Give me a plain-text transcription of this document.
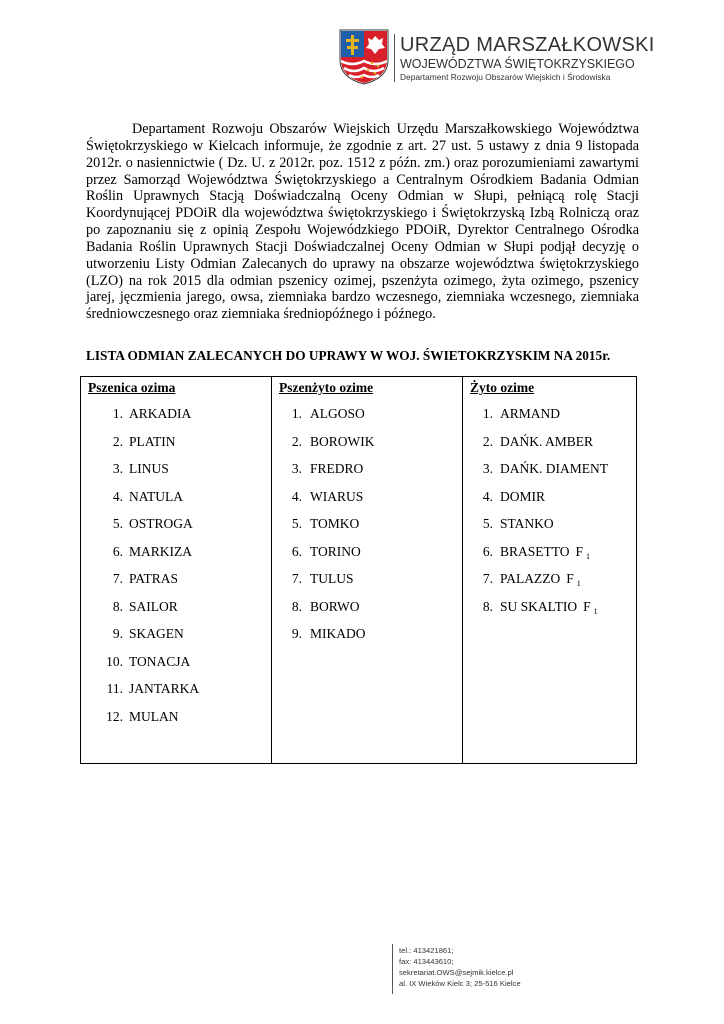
URZĄD MARSZAŁKOWSKI
WOJEWÓDZTWA ŚWIĘTOKRZYSKIEGO
Departament Rozwoju Obszarów Wiejskich i Środowiska

Departament Rozwoju Obszarów Wiejskich Urzędu Marszałkowskiego Województwa Świętokrzyskiego w Kielcach informuje, że zgodnie z art. 27 ust. 5 ustawy z dnia 9 listopada 2012r. o nasiennictwie ( Dz. U. z 2012r. poz. 1512 z późn. zm.) oraz porozumieniami zawartymi przez Samorząd Województwa Świętokrzyskiego a Centralnym Ośrodkiem Badania Odmian Roślin Uprawnych Stacją Doświadczalną Oceny Odmian w Słupi, pełniącą rolę Stacji Koordynującej PDOiR dla województwa świętokrzyskiego i Świętokrzyską Izbą Rolniczą oraz po zapoznaniu się z opinią Zespołu Wojewódzkiego PDOiR, Dyrektor Centralnego Ośrodka Badania Roślin Uprawnych Stacji Doświadczalnej Oceny Odmian w Słupi podjął decyzję o utworzeniu Listy Odmian Zalecanych do uprawy na obszarze województwa świętokrzyskiego (LZO) na rok 2015 dla odmian pszenicy ozimej, pszenżyta ozimego, żyta ozimego, pszenicy jarej, jęczmienia jarego, owsa, ziemniaka bardzo wczesnego, ziemniaka wczesnego, ziemniaka średniowczesnego oraz ziemniaka średniopóźnego i późnego.

LISTA ODMIAN ZALECANYCH DO UPRAWY W WOJ. ŚWIETOKRZYSKIM NA 2015r.
Pszenica ozima
1. ARKADIA
2. PLATIN
3. LINUS
4. NATULA
5. OSTROGA
6. MARKIZA
7. PATRAS
8. SAILOR
9. SKAGEN
10. TONACJA
11. JANTARKA
12. MULAN
Pszenżyto ozime
1. ALGOSO
2. BOROWIK
3. FREDRO
4. WIARUS
5. TOMKO
6. TORINO
7. TULUS
8. BORWO
9. MIKADO
Żyto ozime
1. ARMAND
2. DAŃK. AMBER
3. DAŃK. DIAMENT
4. DOMIR
5. STANKO
6. BRASETTO F $_1$
7. PALAZZO F $_1$
8. SU SKALTIO F $_1$
tel.: 413421861;
fax: 413443610;
sekretariat.OWS@sejmik.kielce.pl
al. IX Wieków Kielc 3; 25-516 Kielce
